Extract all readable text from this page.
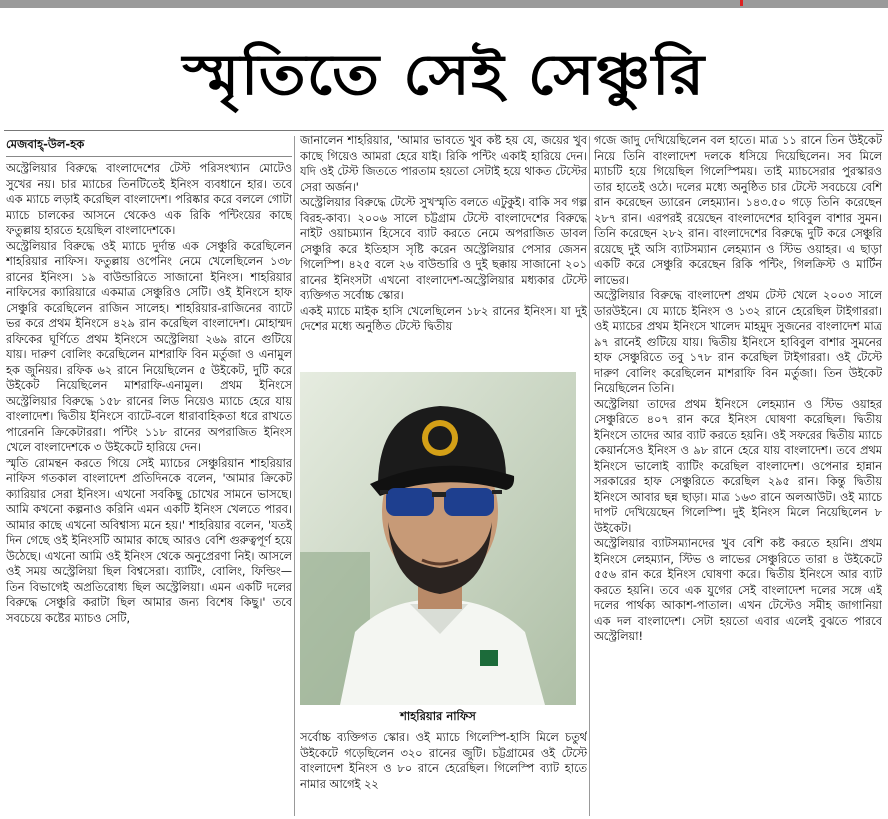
স্মৃতিতে সেই সেঞ্চুরি
মেজবাহ্‌-উল-হক

অস্ট্রেলিয়ার বিরুদ্ধে বাংলাদেশের টেস্ট পরিসংখ্যান মোটেও সুখের নয়। চার ম্যাচের তিনটিতেই ইনিংস ব্যবধানে হার। তবে এক ম্যাচে লড়াই করেছিল বাংলাদেশ। পরিষ্কার করে বললে গোটা ম্যাচে চালকের আসনে থেকেও এক রিকি পন্টিংয়ের কাছে ফতুল্লায় হারতে হয়েছিল বাংলাদেশকে।

অস্ট্রেলিয়ার বিরুদ্ধে ওই ম্যাচে দুর্দান্ত এক সেঞ্চুরি করেছিলেন শাহরিয়ার নাফিস। ফতুল্লায় ওপেনিং নেমে খেলেছিলেন ১৩৮ রানের ইনিংস। ১৯ বাউন্ডারিতে সাজানো ইনিংস। শাহরিয়ার নাফিসের ক্যারিয়ারে একমাত্র সেঞ্চুরিও সেটি। ওই ইনিংসে হাফ সেঞ্চুরি করেছিলেন রাজিন সালেহ। শাহরিয়ার-রাজিনের ব্যাটে ভর করে প্রথম ইনিংসে ৪২৯ রান করেছিল বাংলাদেশ। মোহাম্মদ রফিকের ঘূর্ণিতে প্রথম ইনিংসে অস্ট্রেলিয়া ২৬৯ রানে গুটিয়ে যায়। দারুণ বোলিং করেছিলেন মাশরাফি বিন মর্তুজা ও এনামুল হক জুনিয়র। রফিক ৬২ রানে নিয়েছিলেন ৫ উইকেট, দুটি করে উইকেট নিয়েছিলেন মাশরাফি-এনামুল। প্রথম ইনিংসে অস্ট্রেলিয়ার বিরুদ্ধে ১৫৮ রানের লিড নিয়েও ম্যাচে হেরে যায় বাংলাদেশ। দ্বিতীয় ইনিংসে ব্যাটে-বলে ধারাবাহিকতা ধরে রাখতে পারেননি ক্রিকেটাররা। পন্টিং ১১৮ রানের অপরাজিত ইনিংস খেলে বাংলাদেশকে ৩ উইকেটে হারিয়ে দেন।

স্মৃতি রোমন্থন করতে গিয়ে সেই ম্যাচের সেঞ্চুরিয়ান শাহরিয়ার নাফিস গতকাল বাংলাদেশ প্রতিদিনকে বলেন, 'আমার ক্রিকেট ক্যারিয়ার সেরা ইনিংস। এখনো সবকিছু চোখের সামনে ভাসছে। আমি কখনো কল্পনাও করিনি এমন একটি ইনিংস খেলতে পারব। আমার কাছে এখনো অবিশ্বাস্য মনে হয়।' শাহরিয়ার বলেন, 'যতই দিন গেছে ওই ইনিংসটি আমার কাছে আরও বেশি গুরুত্বপূর্ণ হয়ে উঠেছে। এখনো আমি ওই ইনিংস থেকে অনুপ্রেরণা নিই। আসলে ওই সময় অস্ট্রেলিয়া ছিল বিশ্বসেরা। ব্যাটিং, বোলিং, ফিল্ডিং— তিন বিভাগেই অপ্রতিরোধ্য ছিল অস্ট্রেলিয়া। এমন একটি দলের বিরুদ্ধে সেঞ্চুরি করাটা ছিল আমার জন্য বিশেষ কিছু।' তবে সবচেয়ে কষ্টের ম্যাচও সেটি,

জানালেন শাহরিয়ার, 'আমার ভাবতে খুব কষ্ট হয় যে, জয়ের খুব কাছে গিয়েও আমরা হেরে যাই। রিকি পন্টিং একাই হারিয়ে দেন। যদি ওই টেস্ট জিততে পারতাম হয়তো সেটাই হয়ে থাকত টেস্টের সেরা অর্জন।'

অস্ট্রেলিয়ার বিরুদ্ধে টেস্টে সুখস্মৃতি বলতে এটুকুই। বাকি সব গল্প বিরহ-কাব্য। ২০০৬ সালে চট্টগ্রাম টেস্টে বাংলাদেশের বিরুদ্ধে নাইট ওয়াচম্যান হিসেবে ব্যাট করতে নেমে অপরাজিত ডাবল সেঞ্চুরি করে ইতিহাস সৃষ্টি করেন অস্ট্রেলিয়ার পেসার জেসন গিলেস্পি। ৪২৫ বলে ২৬ বাউন্ডারি ও দুই ছক্কায় সাজানো ২০১ রানের ইনিংসটা এখনো বাংলাদেশ-অস্ট্রেলিয়ার মধ্যকার টেস্টে ব্যক্তিগত সর্বোচ্চ স্কোর।

একই ম্যাচে মাইক হাসি খেলেছিলেন ১৮২ রানের ইনিংস। যা দুই দেশের মধ্যে অনুষ্ঠিত টেস্টে দ্বিতীয়

সর্বোচ্চ ব্যক্তিগত স্কোর। ওই ম্যাচে গিলেস্পি-হাসি মিলে চতুর্থ উইকেটে গড়েছিলেন ৩২০ রানের জুটি। চট্টগ্রামের ওই টেস্টে বাংলাদেশ ইনিংস ও ৮০ রানে হেরেছিল। গিলেস্পি ব্যাট হাতে নামার আগেই ২২

শাহরিয়ার নাফিস

গজে জাদু দেখিয়েছিলেন বল হাতে। মাত্র ১১ রানে তিন উইকেট নিয়ে তিনি বাংলাদেশ দলকে ধসিয়ে দিয়েছিলেন। সব মিলে ম্যাচটি হয়ে গিয়েছিল গিলেস্পিময়। তাই ম্যাচসেরার পুরস্কারও তার হাতেই ওঠে। দলের মধ্যে অনুষ্ঠিত চার টেস্টে সবচেয়ে বেশি রান করেছেন ড্যারেন লেহম্যান। ১৪৩.৫০ গড়ে তিনি করেছেন ২৮৭ রান। এরপরই রয়েছেন বাংলাদেশের হাবিবুল বাশার সুমন। তিনি করেছেন ২৮২ রান। বাংলাদেশের বিরুদ্ধে দুটি করে সেঞ্চুরি রয়েছে দুই অসি ব্যাটসম্যান লেহম্যান ও স্টিভ ওয়াহর। এ ছাড়া একটি করে সেঞ্চুরি করেছেন রিকি পন্টিং, গিলক্রিস্ট ও মার্টিন লাভের।

অস্ট্রেলিয়ার বিরুদ্ধে বাংলাদেশ প্রথম টেস্ট খেলে ২০০৩ সালে ডারউইনে। যে ম্যাচে ইনিংস ও ১৩২ রানে হেরেছিল টাইগাররা। ওই ম্যাচের প্রথম ইনিংসে খালেদ মাহমুদ সুজনের বাংলাদেশ মাত্র ৯৭ রানেই গুটিয়ে যায়। দ্বিতীয় ইনিংসে হাবিবুল বাশার সুমনের হাফ সেঞ্চুরিতে তবু ১৭৮ রান করেছিল টাইগাররা। ওই টেস্টে দারুণ বোলিং করেছিলেন মাশরাফি বিন মর্তুজা। তিন উইকেট নিয়েছিলেন তিনি।

অস্ট্রেলিয়া তাদের প্রথম ইনিংসে লেহম্যান ও স্টিভ ওয়াহর সেঞ্চুরিতে ৪০৭ রান করে ইনিংস ঘোষণা করেছিল। দ্বিতীয় ইনিংসে তাদের আর ব্যাট করতে হয়নি। ওই সফরের দ্বিতীয় ম্যাচে কেয়ার্নসেও ইনিংস ও ৯৮ রানে হেরে যায় বাংলাদেশ। তবে প্রথম ইনিংসে ভালোই ব্যাটিং করেছিল বাংলাদেশ। ওপেনার হান্নান সরকারের হাফ সেঞ্চুরিতে করেছিল ২৯৫ রান। কিন্তু দ্বিতীয় ইনিংসে আবার ছন্ন ছাড়া। মাত্র ১৬৩ রানে অলআউট। ওই ম্যাচে দাপট দেখিয়েছেন গিলেস্পি। দুই ইনিংস মিলে নিয়েছিলেন ৮ উইকেট।

অস্ট্রেলিয়ার ব্যাটসম্যানদের খুব বেশি কষ্ট করতে হয়নি। প্রথম ইনিংসে লেহম্যান, স্টিভ ও লাভের সেঞ্চুরিতে তারা ৪ উইকেটে ৫৫৬ রান করে ইনিংস ঘোষণা করে। দ্বিতীয় ইনিংসে আর ব্যাট করতে হয়নি। তবে এক যুগের সেই বাংলাদেশ দলের সঙ্গে এই দলের পার্থক্য আকাশ-পাতাল। এখন টেস্টেও সমীহ জাগানিয়া এক দল বাংলাদেশ। সেটা হয়তো এবার এলেই বুঝতে পারবে অস্ট্রেলিয়া!
